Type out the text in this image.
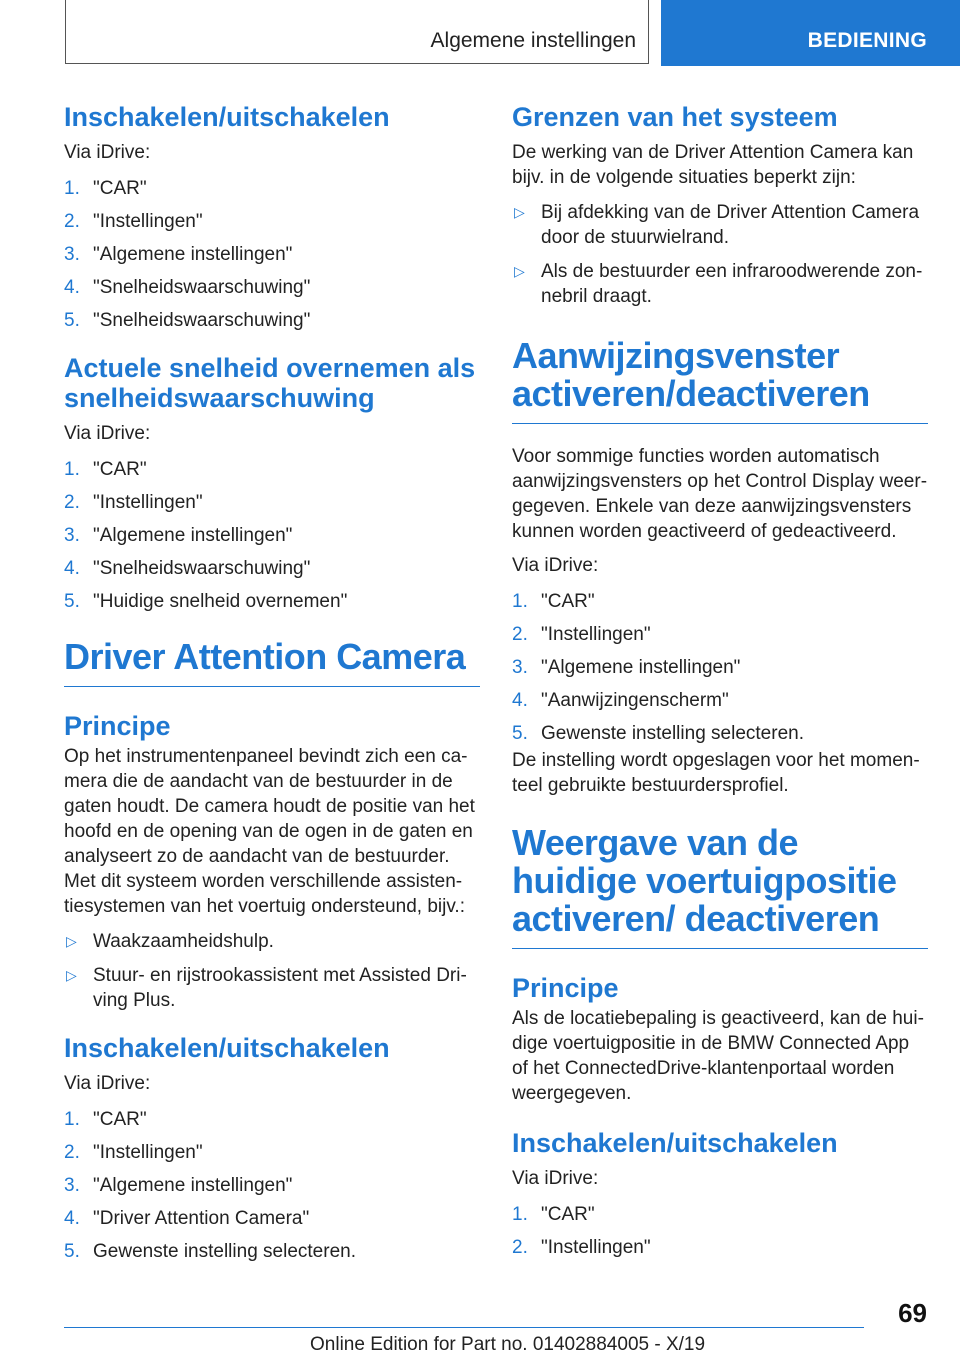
Algemene instellingen	BEDIENING
Inschakelen/uitschakelen

Via iDrive:

1. "CAR"
2. "Instellingen"
3. "Algemene instellingen"
4. "Snelheidswaarschuwing"
5. "Snelheidswaarschuwing"
Actuele snelheid overnemen als snelheidswaarschuwing

Via iDrive:

1. "CAR"
2. "Instellingen"
3. "Algemene instellingen"
4. "Snelheidswaarschuwing"
5. "Huidige snelheid overnemen"
Driver Attention Camera
Principe

Op het instrumentenpaneel bevindt zich een camera die de aandacht van de bestuurder in de gaten houdt. De camera houdt de positie van het hoofd en de opening van de ogen in de gaten en analyseert zo de aandacht van de bestuurder. Met dit systeem worden verschillende assistentiesystemen van het voertuig ondersteund, bijv.:

▷ Waakzaamheidshulp.
▷ Stuur- en rijstrookassistent met Assisted Driving Plus.
Inschakelen/uitschakelen

Via iDrive:

1. "CAR"
2. "Instellingen"
3. "Algemene instellingen"
4. "Driver Attention Camera"
5. Gewenste instelling selecteren.
Grenzen van het systeem

De werking van de Driver Attention Camera kan bijv. in de volgende situaties beperkt zijn:

▷ Bij afdekking van de Driver Attention Camera door de stuurwielrand.
▷ Als de bestuurder een infraroodwerende zonnebril draagt.
Aanwijzingsvenster activeren/deactiveren

Voor sommige functies worden automatisch aanwijzingsvensters op het Control Display weergegeven. Enkele van deze aanwijzingsvensters kunnen worden geactiveerd of gedeactiveerd.

Via iDrive:

1. "CAR"
2. "Instellingen"
3. "Algemene instellingen"
4. "Aanwijzingenscherm"
5. Gewenste instelling selecteren.

De instelling wordt opgeslagen voor het momenteel gebruikte bestuurdersprofiel.

Weergave van de huidige voertuigpositie activeren/ deactiveren
Principe

Als de locatiebepaling is geactiveerd, kan de huidige voertuigpositie in de BMW Connected App of het ConnectedDrive-klantenportaal worden weergegeven.

Inschakelen/uitschakelen

Via iDrive:

1. "CAR"
2. "Instellingen"
69
Online Edition for Part no. 01402884005 - X/19
